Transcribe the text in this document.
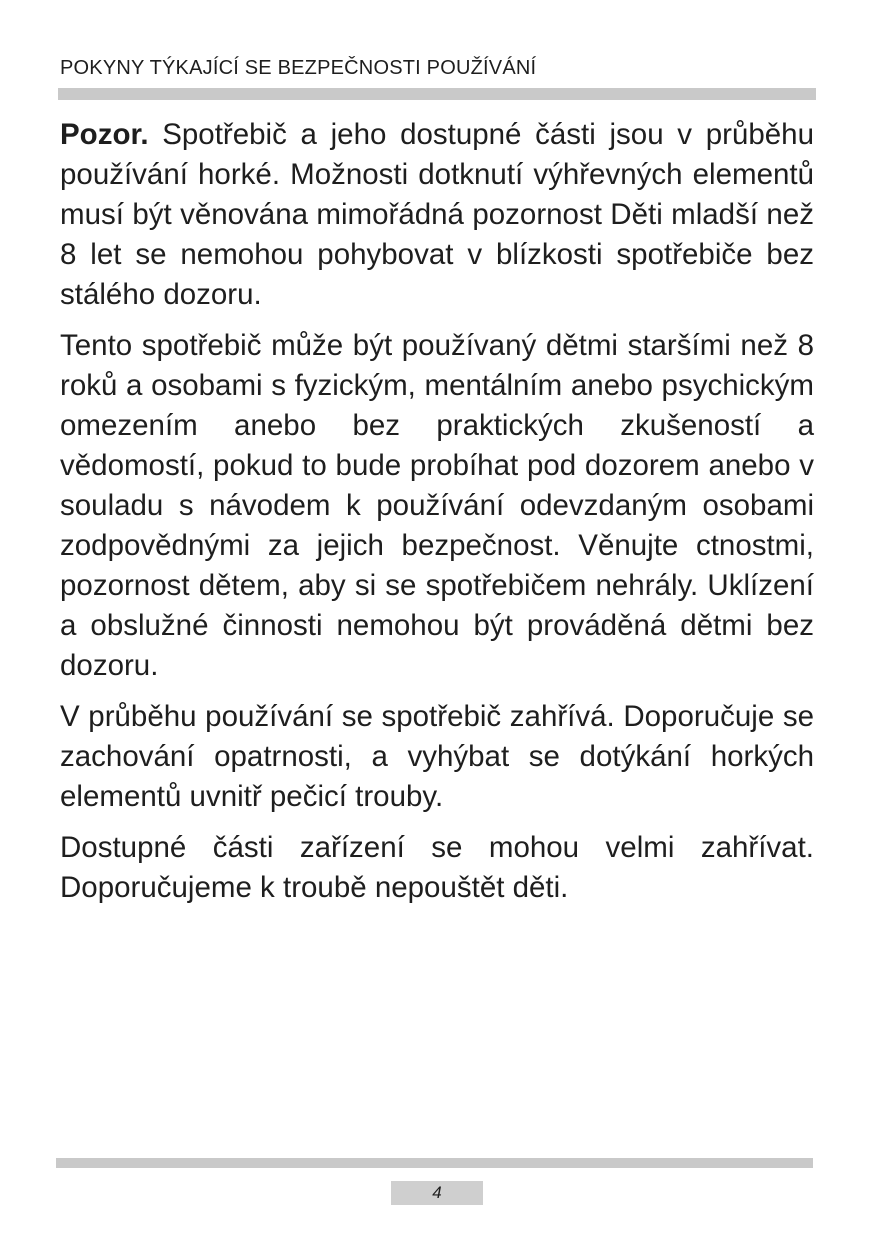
POKYNY TÝKAJÍCÍ SE BEZPEČNOSTI POUŽÍVÁNÍ

Pozor. Spotřebič a jeho dostupné části jsou v průběhu používání horké. Možnosti dotknutí výhřevných elementů musí být věnována mimořádná pozornost Děti mladší než 8 let se nemohou pohybovat v blízkosti spotřebiče bez stálého dozoru.

Tento spotřebič může být používaný dětmi staršími než 8 roků a osobami s fyzickým, mentálním anebo psychickým omezením anebo bez praktických zkušeností a vědomostí, pokud to bude probíhat pod dozorem anebo v souladu s návodem k používání odevzdaným osobami zodpovědnými za jejich bezpečnost. Věnujte ctnostmi, pozornost dětem, aby si se spotřebičem nehrály. Uklízení a obslužné činnosti nemohou být prováděná dětmi bez dozoru.

V průběhu používání se spotřebič zahřívá. Doporučuje se zachování opatrnosti, a vyhýbat se dotýkání horkých elementů uvnitř pečicí trouby.

Dostupné části zařízení se mohou velmi zahřívat. Doporučujeme k troubě nepouštět děti.

4
